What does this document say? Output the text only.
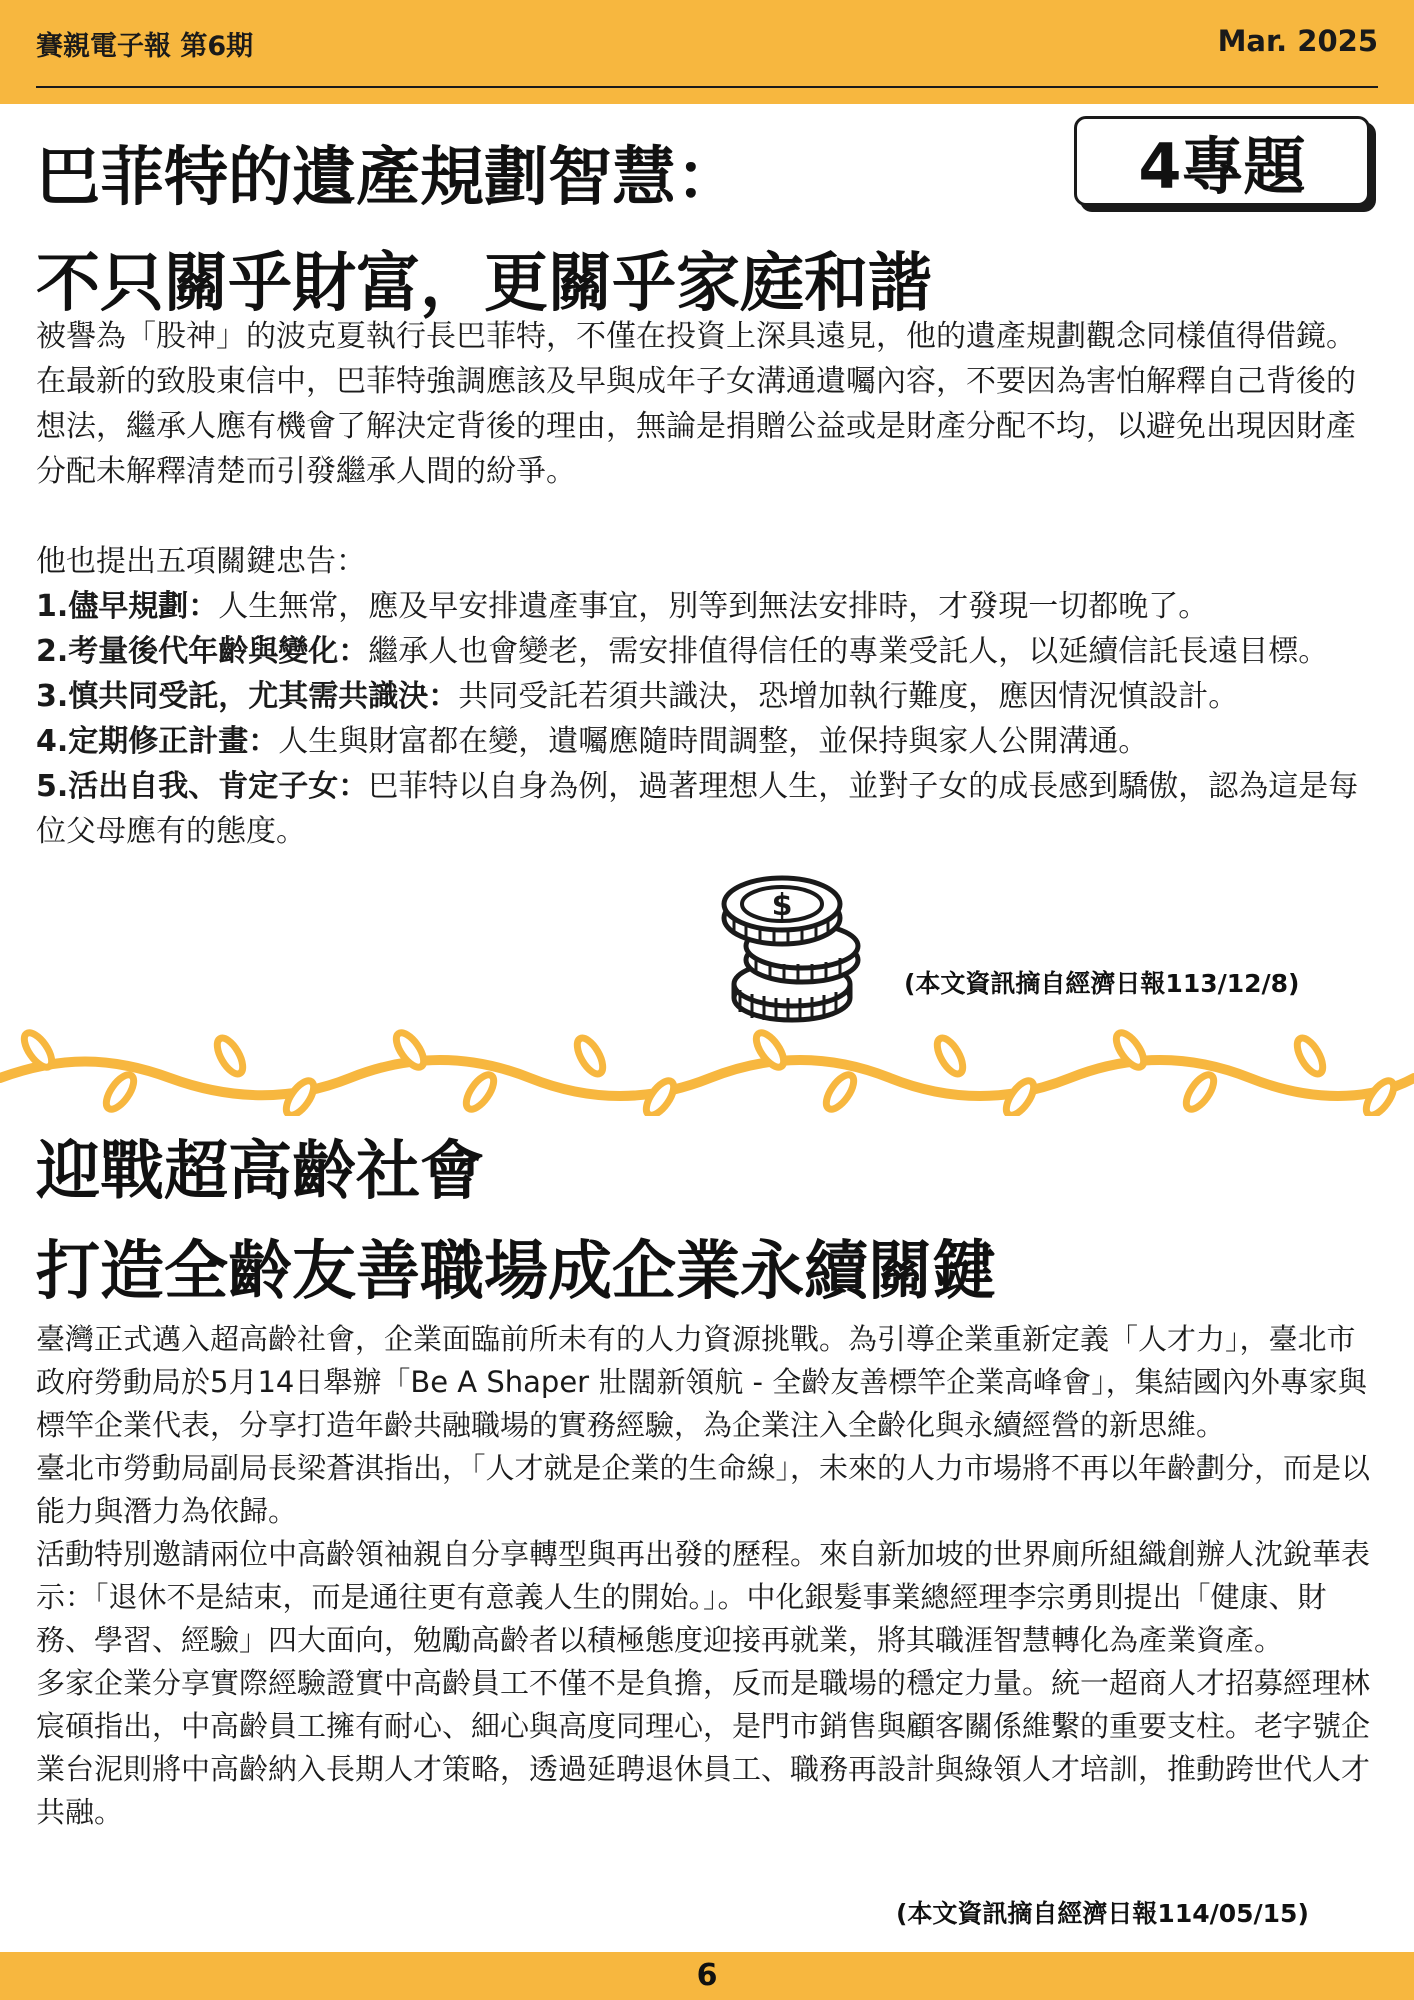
賽親電子報 第6期	Mar. 2025
4專題
巴菲特的遺產規劃智慧：
不只關乎財富，更關乎家庭和諧

被譽為「股神」的波克夏執行長巴菲特，不僅在投資上深具遠見，他的遺產規劃觀念同樣值得借鏡。在最新的致股東信中，巴菲特強調應該及早與成年子女溝通遺囑內容，不要因為害怕解釋自己背後的想法，繼承人應有機會了解決定背後的理由，無論是捐贈公益或是財產分配不均，以避免出現因財產分配未解釋清楚而引發繼承人間的紛爭。

他也提出五項關鍵忠告：

1.儘早規劃：人生無常，應及早安排遺產事宜，別等到無法安排時，才發現一切都晚了。

2.考量後代年齡與變化：繼承人也會變老，需安排值得信任的專業受託人，以延續信託長遠目標。

3.慎共同受託，尤其需共識決：共同受託若須共識決，恐增加執行難度，應因情況慎設計。

4.定期修正計畫：人生與財富都在變，遺囑應隨時間調整，並保持與家人公開溝通。

5.活出自我、肯定子女：巴菲特以自身為例，過著理想人生，並對子女的成長感到驕傲，認為這是每位父母應有的態度。

$
(本文資訊摘自經濟日報113/12/8)
迎戰超高齡社會
打造全齡友善職場成企業永續關鍵

臺灣正式邁入超高齡社會，企業面臨前所未有的人力資源挑戰。為引導企業重新定義「人才力」，臺北市政府勞動局於5月14日舉辦「Be A Shaper 壯闊新領航 - 全齡友善標竿企業高峰會」，集結國內外專家與標竿企業代表，分享打造年齡共融職場的實務經驗，為企業注入全齡化與永續經營的新思維。

臺北市勞動局副局長梁蒼淇指出，「人才就是企業的生命線」，未來的人力市場將不再以年齡劃分，而是以能力與潛力為依歸。

活動特別邀請兩位中高齡領袖親自分享轉型與再出發的歷程。來自新加坡的世界廁所組織創辦人沈銳華表示：「退休不是結束，而是通往更有意義人生的開始。」。中化銀髮事業總經理李宗勇則提出「健康、財務、學習、經驗」四大面向，勉勵高齡者以積極態度迎接再就業，將其職涯智慧轉化為產業資產。

多家企業分享實際經驗證實中高齡員工不僅不是負擔，反而是職場的穩定力量。統一超商人才招募經理林宸碩指出，中高齡員工擁有耐心、細心與高度同理心，是門市銷售與顧客關係維繫的重要支柱。老字號企業台泥則將中高齡納入長期人才策略，透過延聘退休員工、職務再設計與綠領人才培訓，推動跨世代人才共融。

(本文資訊摘自經濟日報114/05/15)
6
